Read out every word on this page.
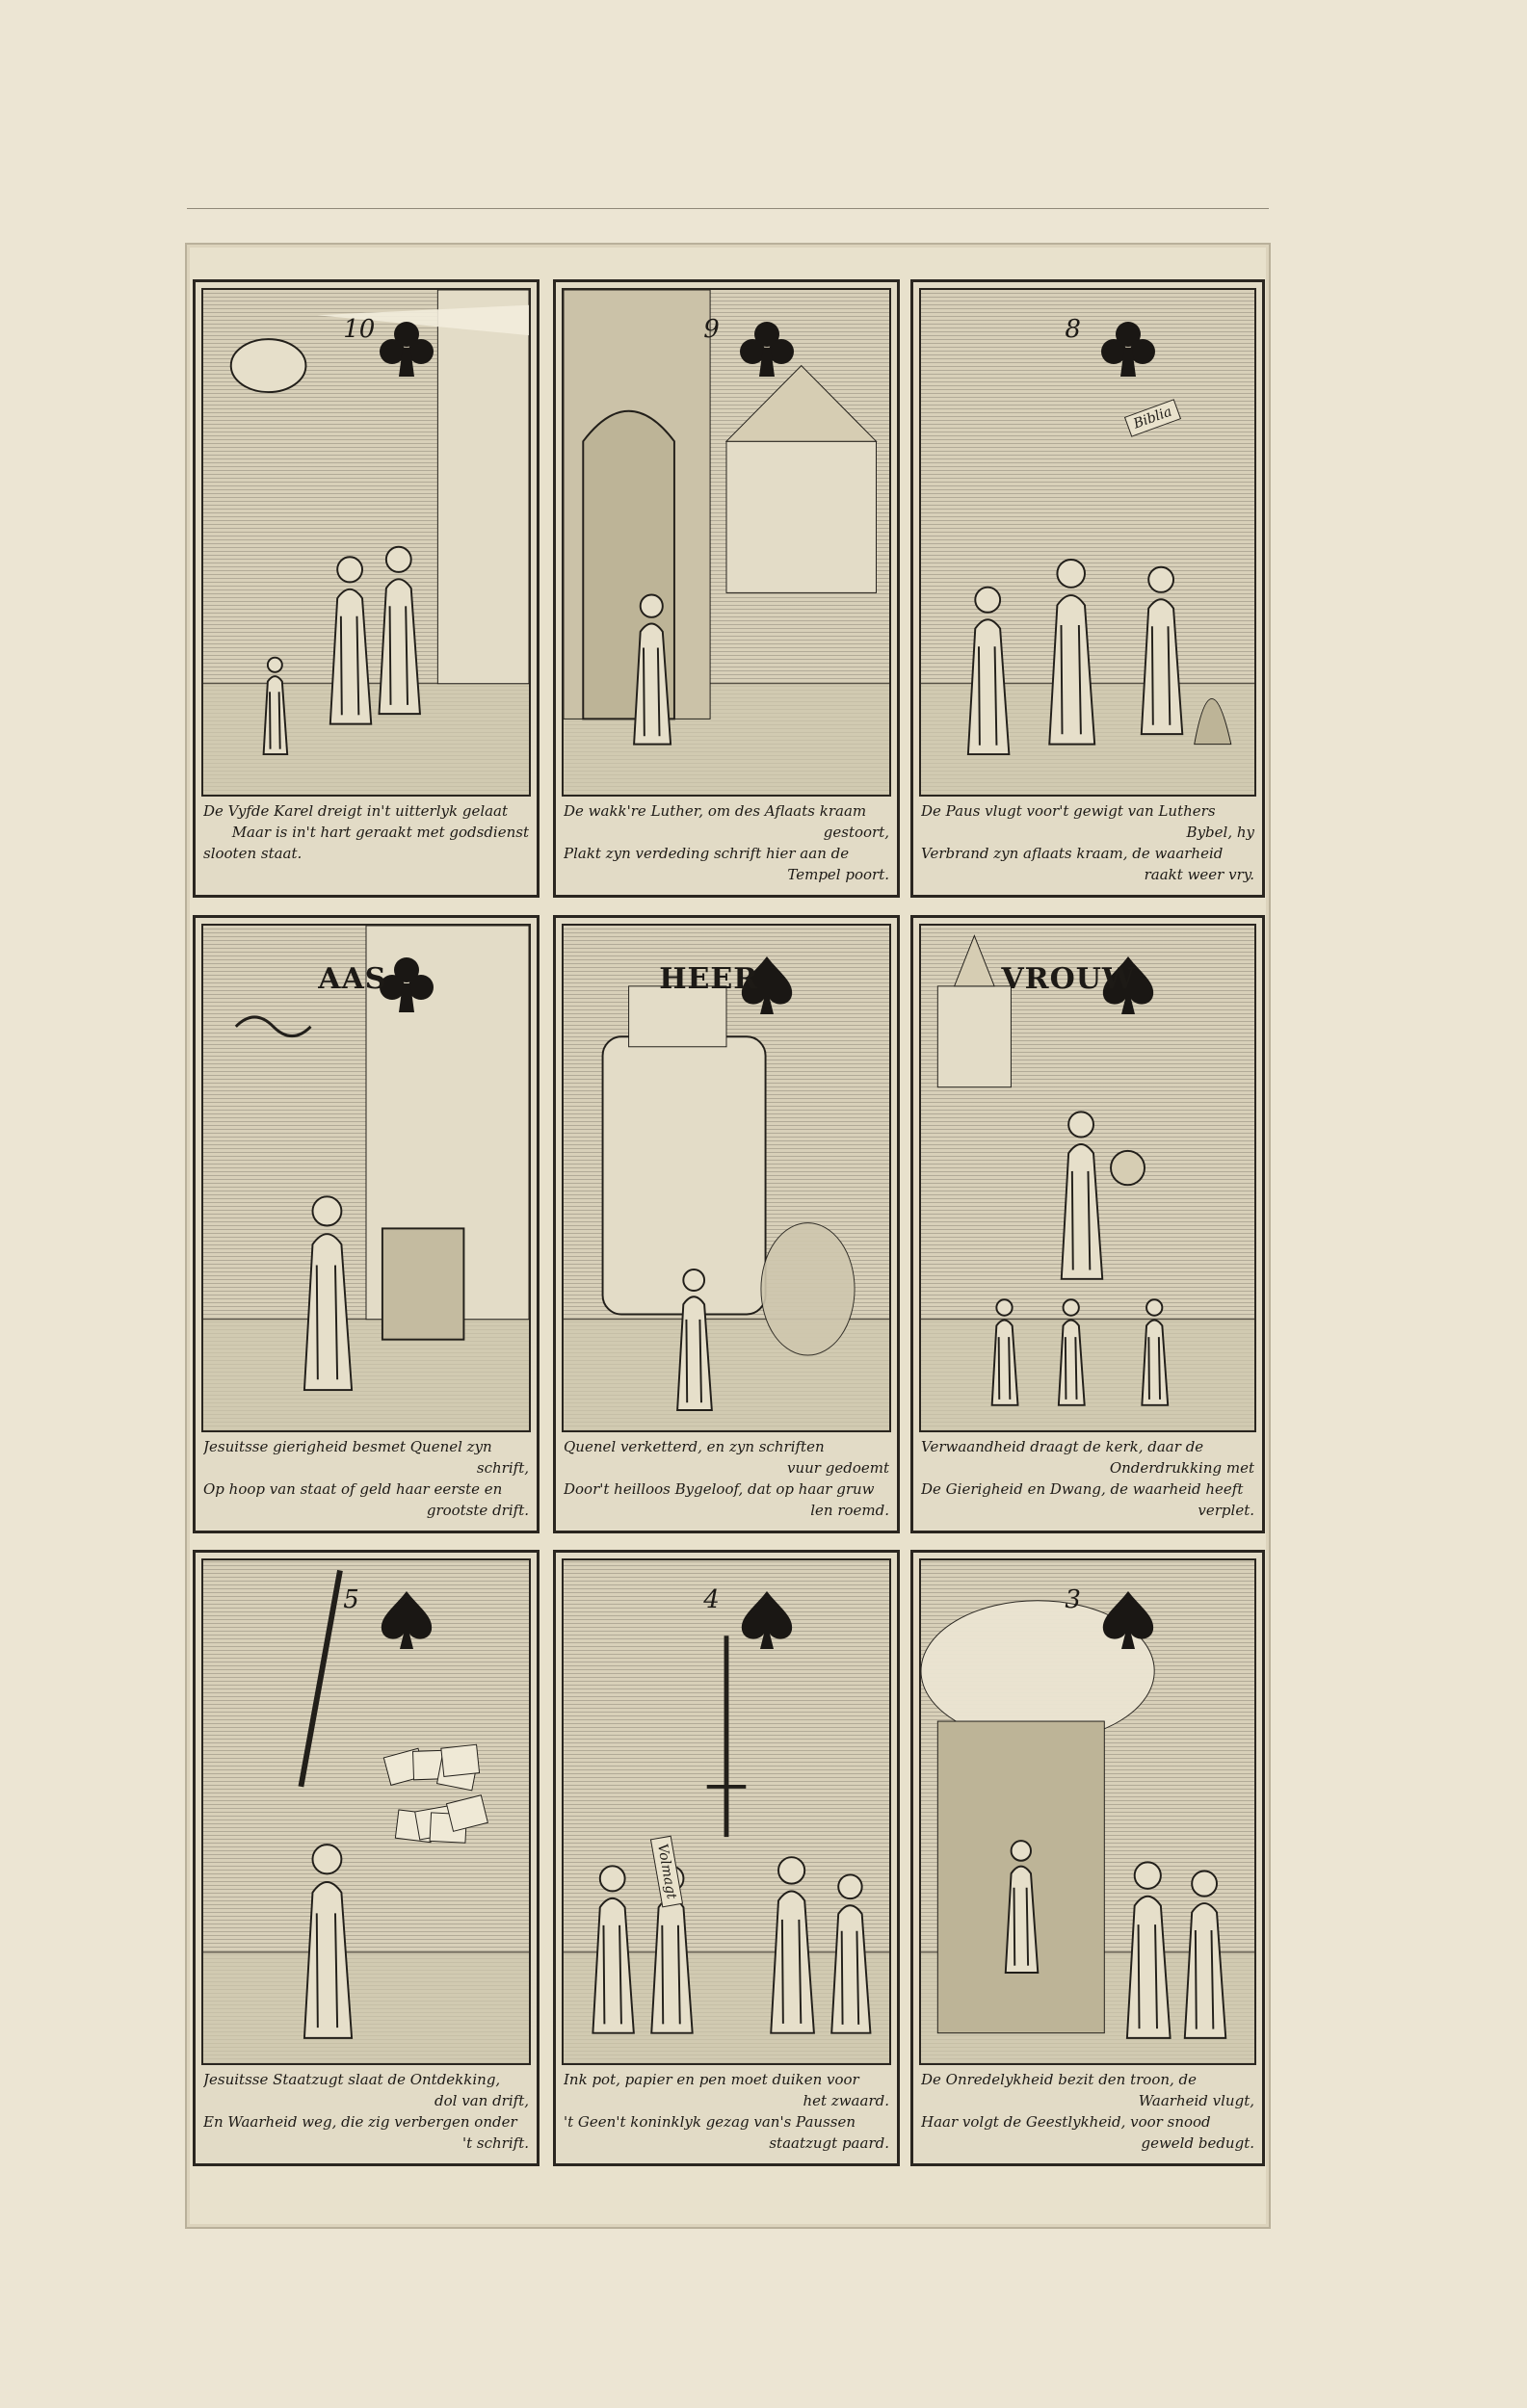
10
De Vyfde Karel dreigt in't uitterlyk gelaat
Maar is in't hart geraakt met godsdienst
slooten staat.
9
De wakk're Luther, om des Aflaats kraam
gestoort,
Plakt zyn verdeding schrift hier aan de
Tempel poort.
8
Biblia
De Paus vlugt voor't gewigt van Luthers
Bybel, hy
Verbrand zyn aflaats kraam, de waarheid
raakt weer vry.
AAS
Jesuitsse gierigheid besmet Quenel zyn
schrift,
Op hoop van staat of geld haar eerste en
grootste drift.
HEER
Quenel verketterd, en zyn schriften
vuur gedoemt
Door't heilloos Bygeloof, dat op haar gruw
len roemd.
VROUW
Verwaandheid draagt de kerk, daar de
Onderdrukking met
De Gierigheid en Dwang, de waarheid heeft
verplet.
5
Jesuitsse Staatzugt slaat de Ontdekking,
dol van drift,
En Waarheid weg, die zig verbergen onder
't schrift.
4
Volmagt
Ink pot, papier en pen moet duiken voor
het zwaard.
't Geen't koninklyk gezag van's Paussen
staatzugt paard.
3
De Onredelykheid bezit den troon, de
Waarheid vlugt,
Haar volgt de Geestlykheid, voor snood
geweld bedugt.
